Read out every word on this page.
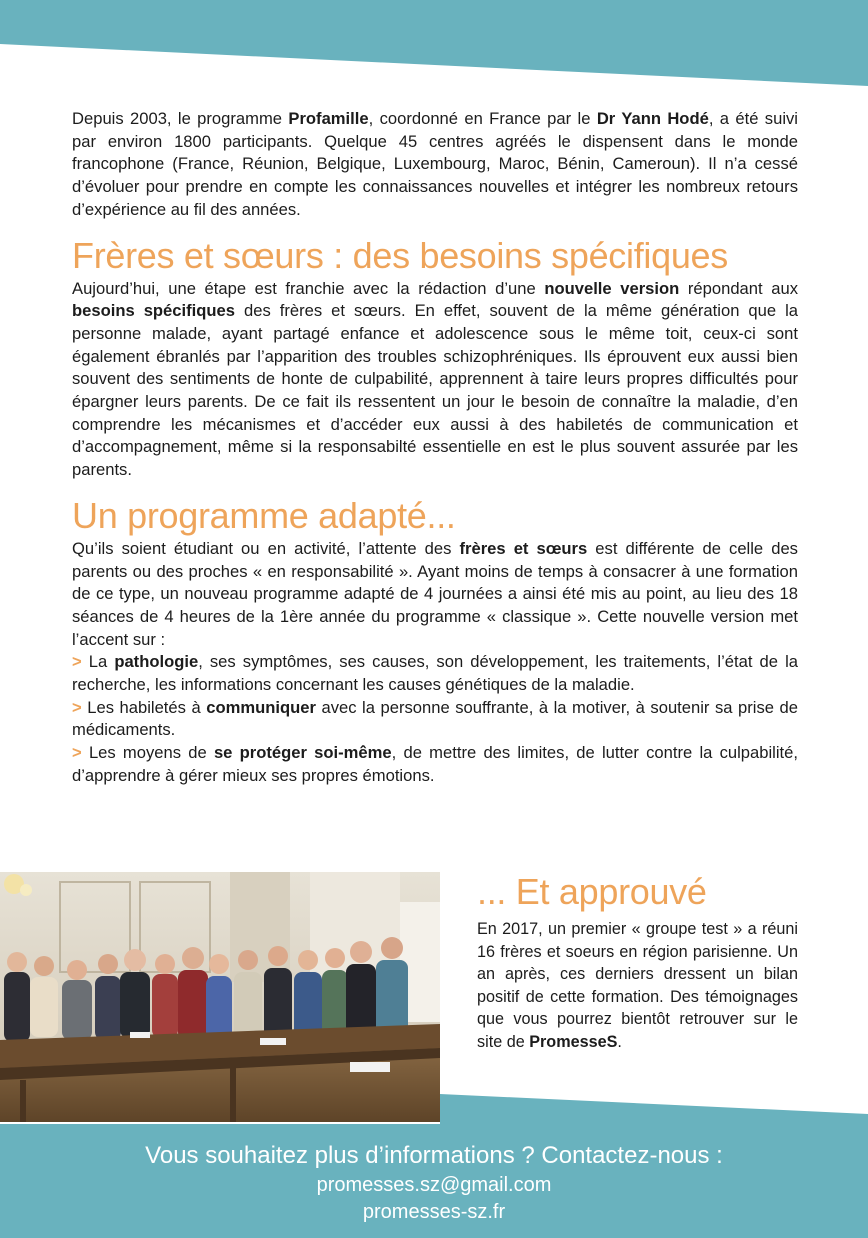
Depuis 2003, le programme Profamille, coordonné en France par le Dr Yann Hodé, a été suivi par environ 1800 participants. Quelque 45 centres agréés le dispensent dans le monde francophone (France, Réunion, Belgique, Luxembourg, Maroc, Bénin, Cameroun). Il n’a cessé d’évoluer pour prendre en compte les connaissances nouvelles et intégrer les nombreux retours d’expérience au fil des années.

Frères et sœurs : des besoins spécifiques

Aujourd’hui, une étape est franchie avec la rédaction d’une nouvelle version répondant aux besoins spécifiques des frères et sœurs. En effet, souvent de la même génération que la personne malade, ayant partagé enfance et adolescence sous le même toit, ceux-ci sont également ébranlés par l’apparition des troubles schizophréniques. Ils éprouvent eux aussi bien souvent des sentiments de honte de culpabilité, apprennent à taire leurs propres difficultés pour épargner leurs parents. De ce fait ils ressentent un jour le besoin de connaître la maladie, d’en comprendre les mécanismes et d’accéder eux aussi à des habiletés de communication et d’accompagnement, même si la responsabilté essentielle en est le plus souvent assurée par les parents.

Un programme adapté...

Qu’ils soient étudiant ou en activité, l’attente des frères et sœurs est différente de celle des parents ou des proches « en responsabilité ». Ayant moins de temps à consacrer à une formation de ce type, un nouveau programme adapté de 4 journées a ainsi été mis au point, au lieu des 18 séances de 4 heures de la 1ère année du programme « classique ». Cette nouvelle version met l’accent sur :

> La pathologie, ses symptômes, ses causes, son développement, les traitements, l’état de la recherche, les informations concernant les causes génétiques de la maladie.

> Les habiletés à communiquer avec la personne souffrante, à la motiver, à soutenir sa prise de médicaments.

> Les moyens de se protéger soi-même, de mettre des limites, de lutter contre la culpabilité, d’apprendre à gérer mieux ses propres émotions.

... Et approuvé

En 2017, un premier « groupe test » a réuni 16 frères et soeurs en région parisienne. Un an après, ces derniers dressent un bilan positif de cette formation. Des témoignages que vous pourrez bientôt retrouver sur le site de PromesseS.

Vous souhaitez plus d’informations ? Contactez-nous :
promesses.sz@gmail.com
promesses-sz.fr
